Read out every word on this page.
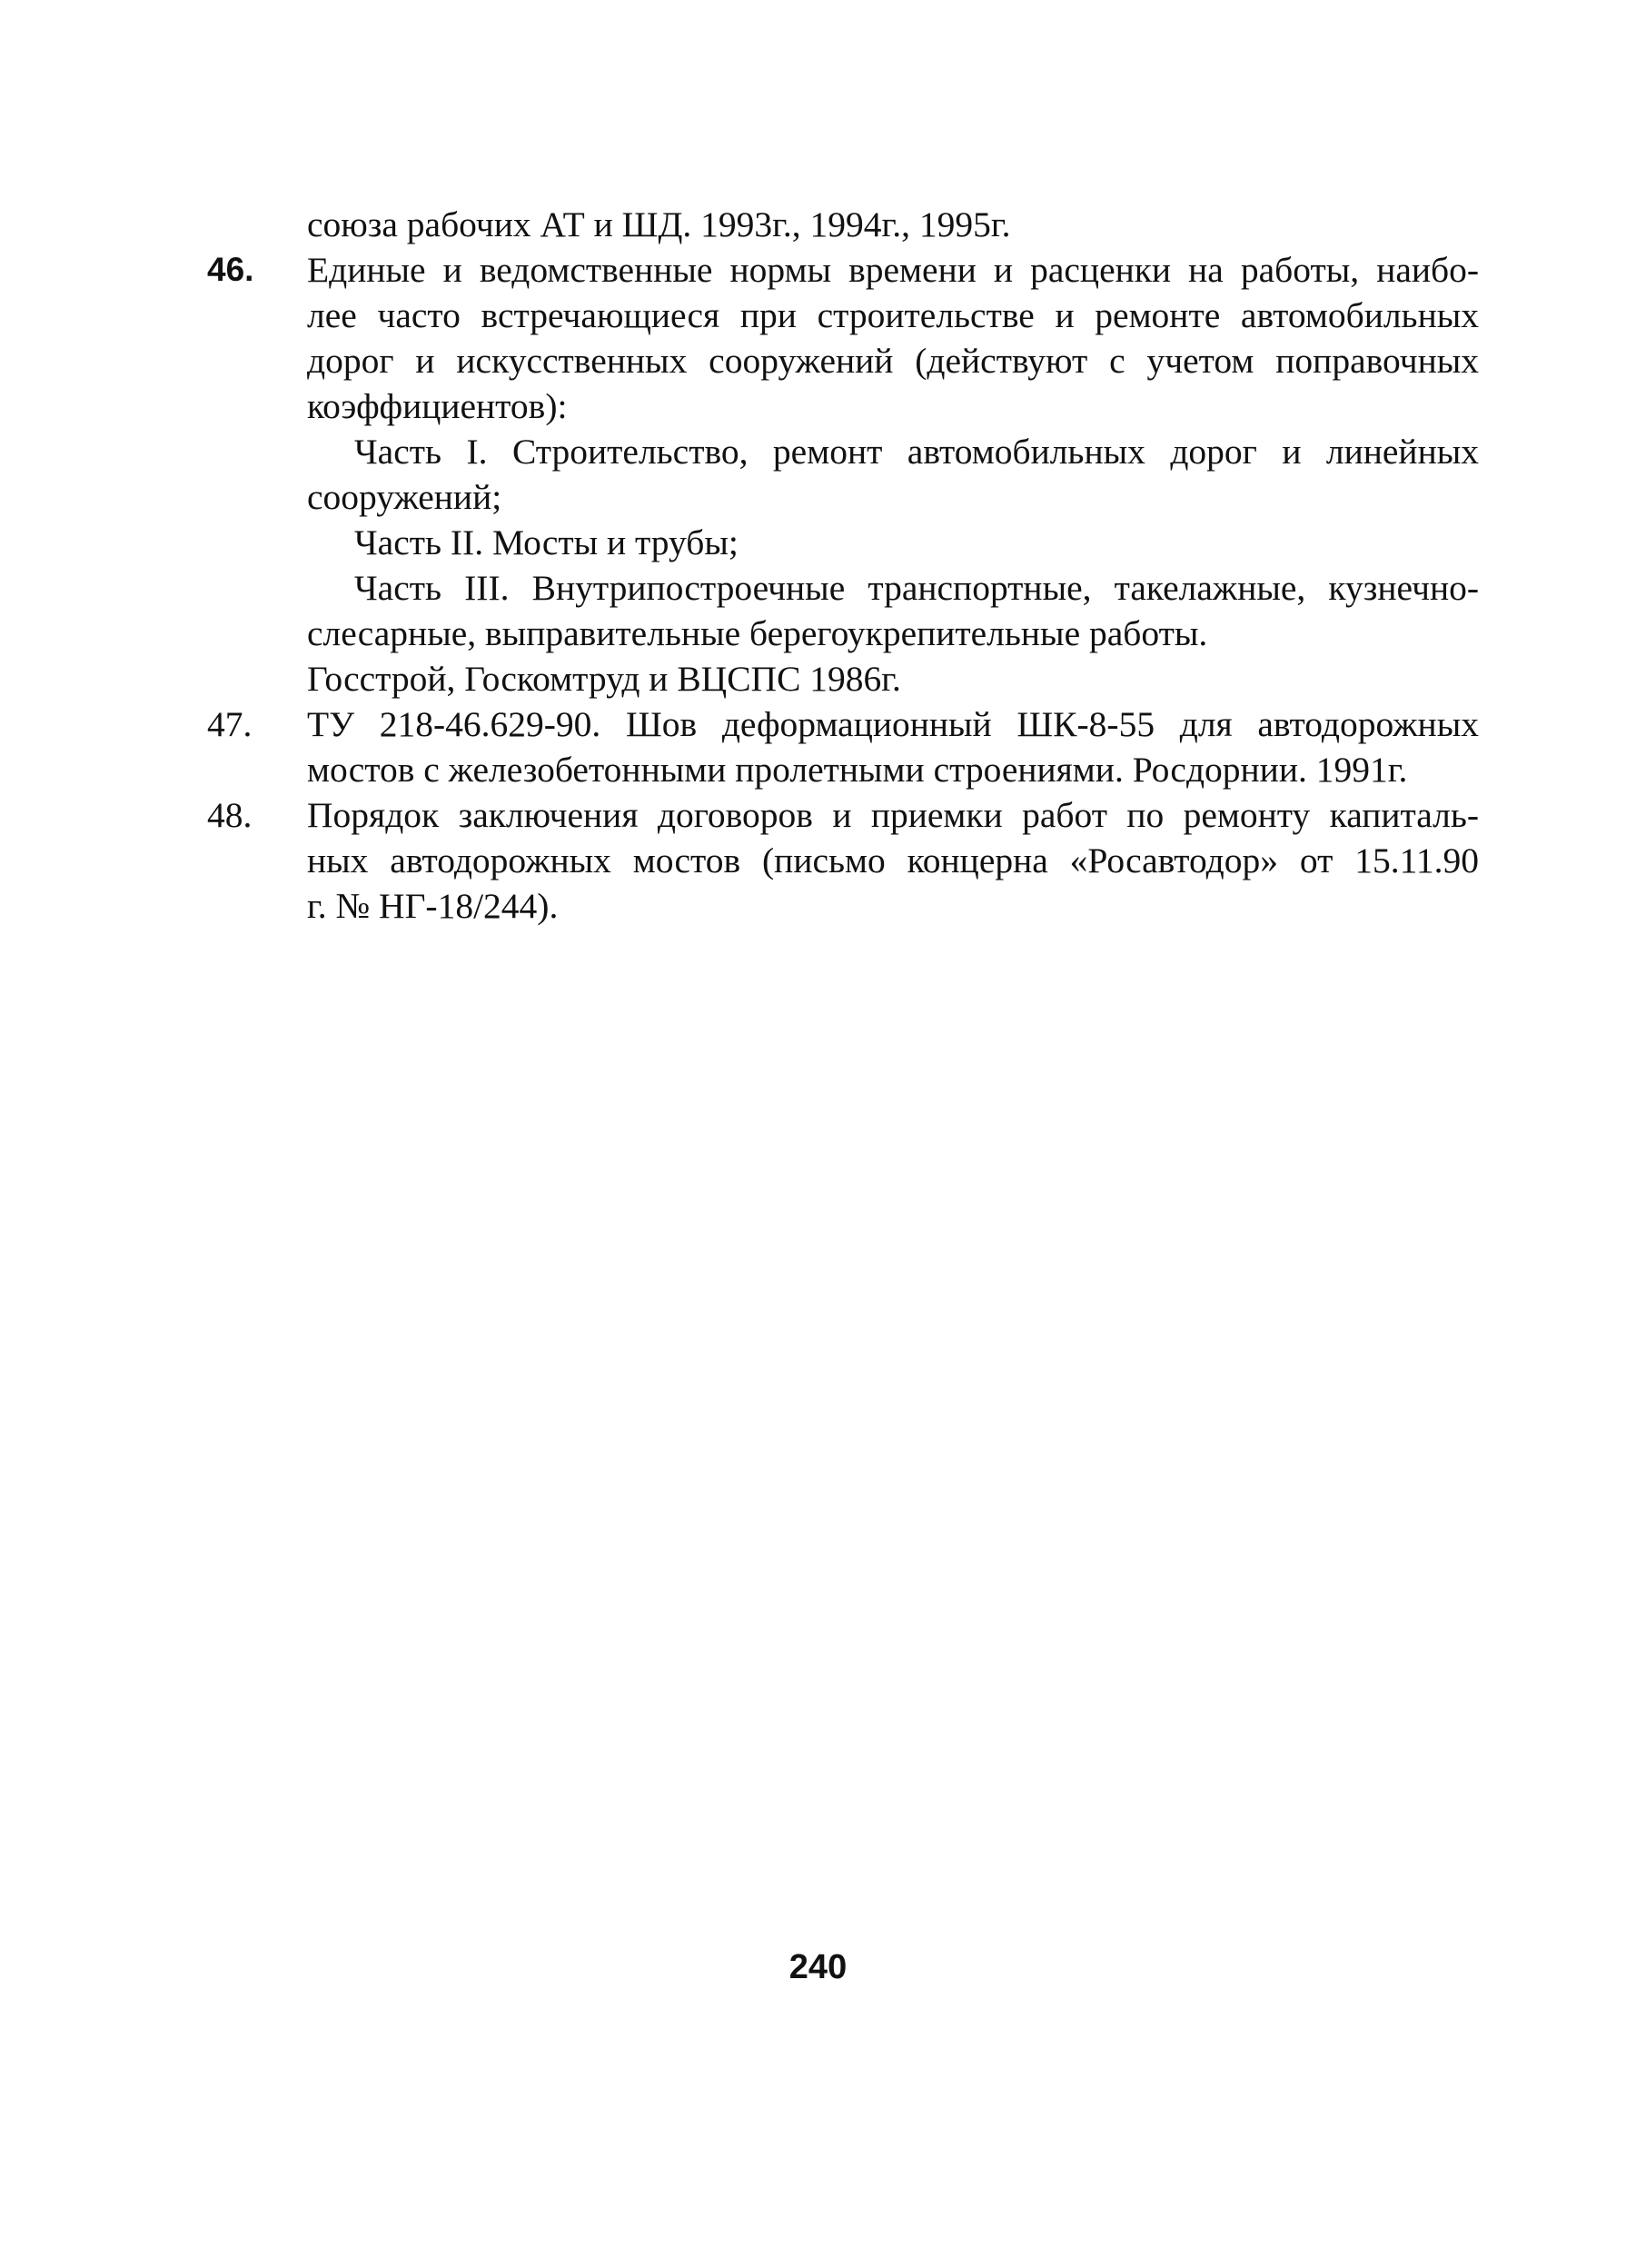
союза рабочих АТ и ШД. 1993г., 1994г., 1995г.
46.	Единые и ведомственные нормы времени и расценки на работы, наибо-
лее часто встречающиеся при строительстве и ремонте автомобильных
дорог и искусственных сооружений (действуют с учетом поправочных
коэффициентов):
Часть I. Строительство, ремонт автомобильных дорог и линейных
сооружений;
Часть II. Мосты и трубы;
Часть III. Внутрипостроечные транспортные, такелажные, кузнечно-
слесарные, выправительные берегоукрепительные работы.
Госстрой, Госкомтруд и ВЦСПС 1986г.
47.	ТУ 218-46.629-90. Шов деформационный ШК-8-55 для автодорожных
мостов с железобетонными пролетными строениями. Росдорнии. 1991г.
48.	Порядок заключения договоров и приемки работ по ремонту капиталь-
ных автодорожных мостов (письмо концерна «Росавтодор» от 15.11.90
г. № НГ-18/244).
240
